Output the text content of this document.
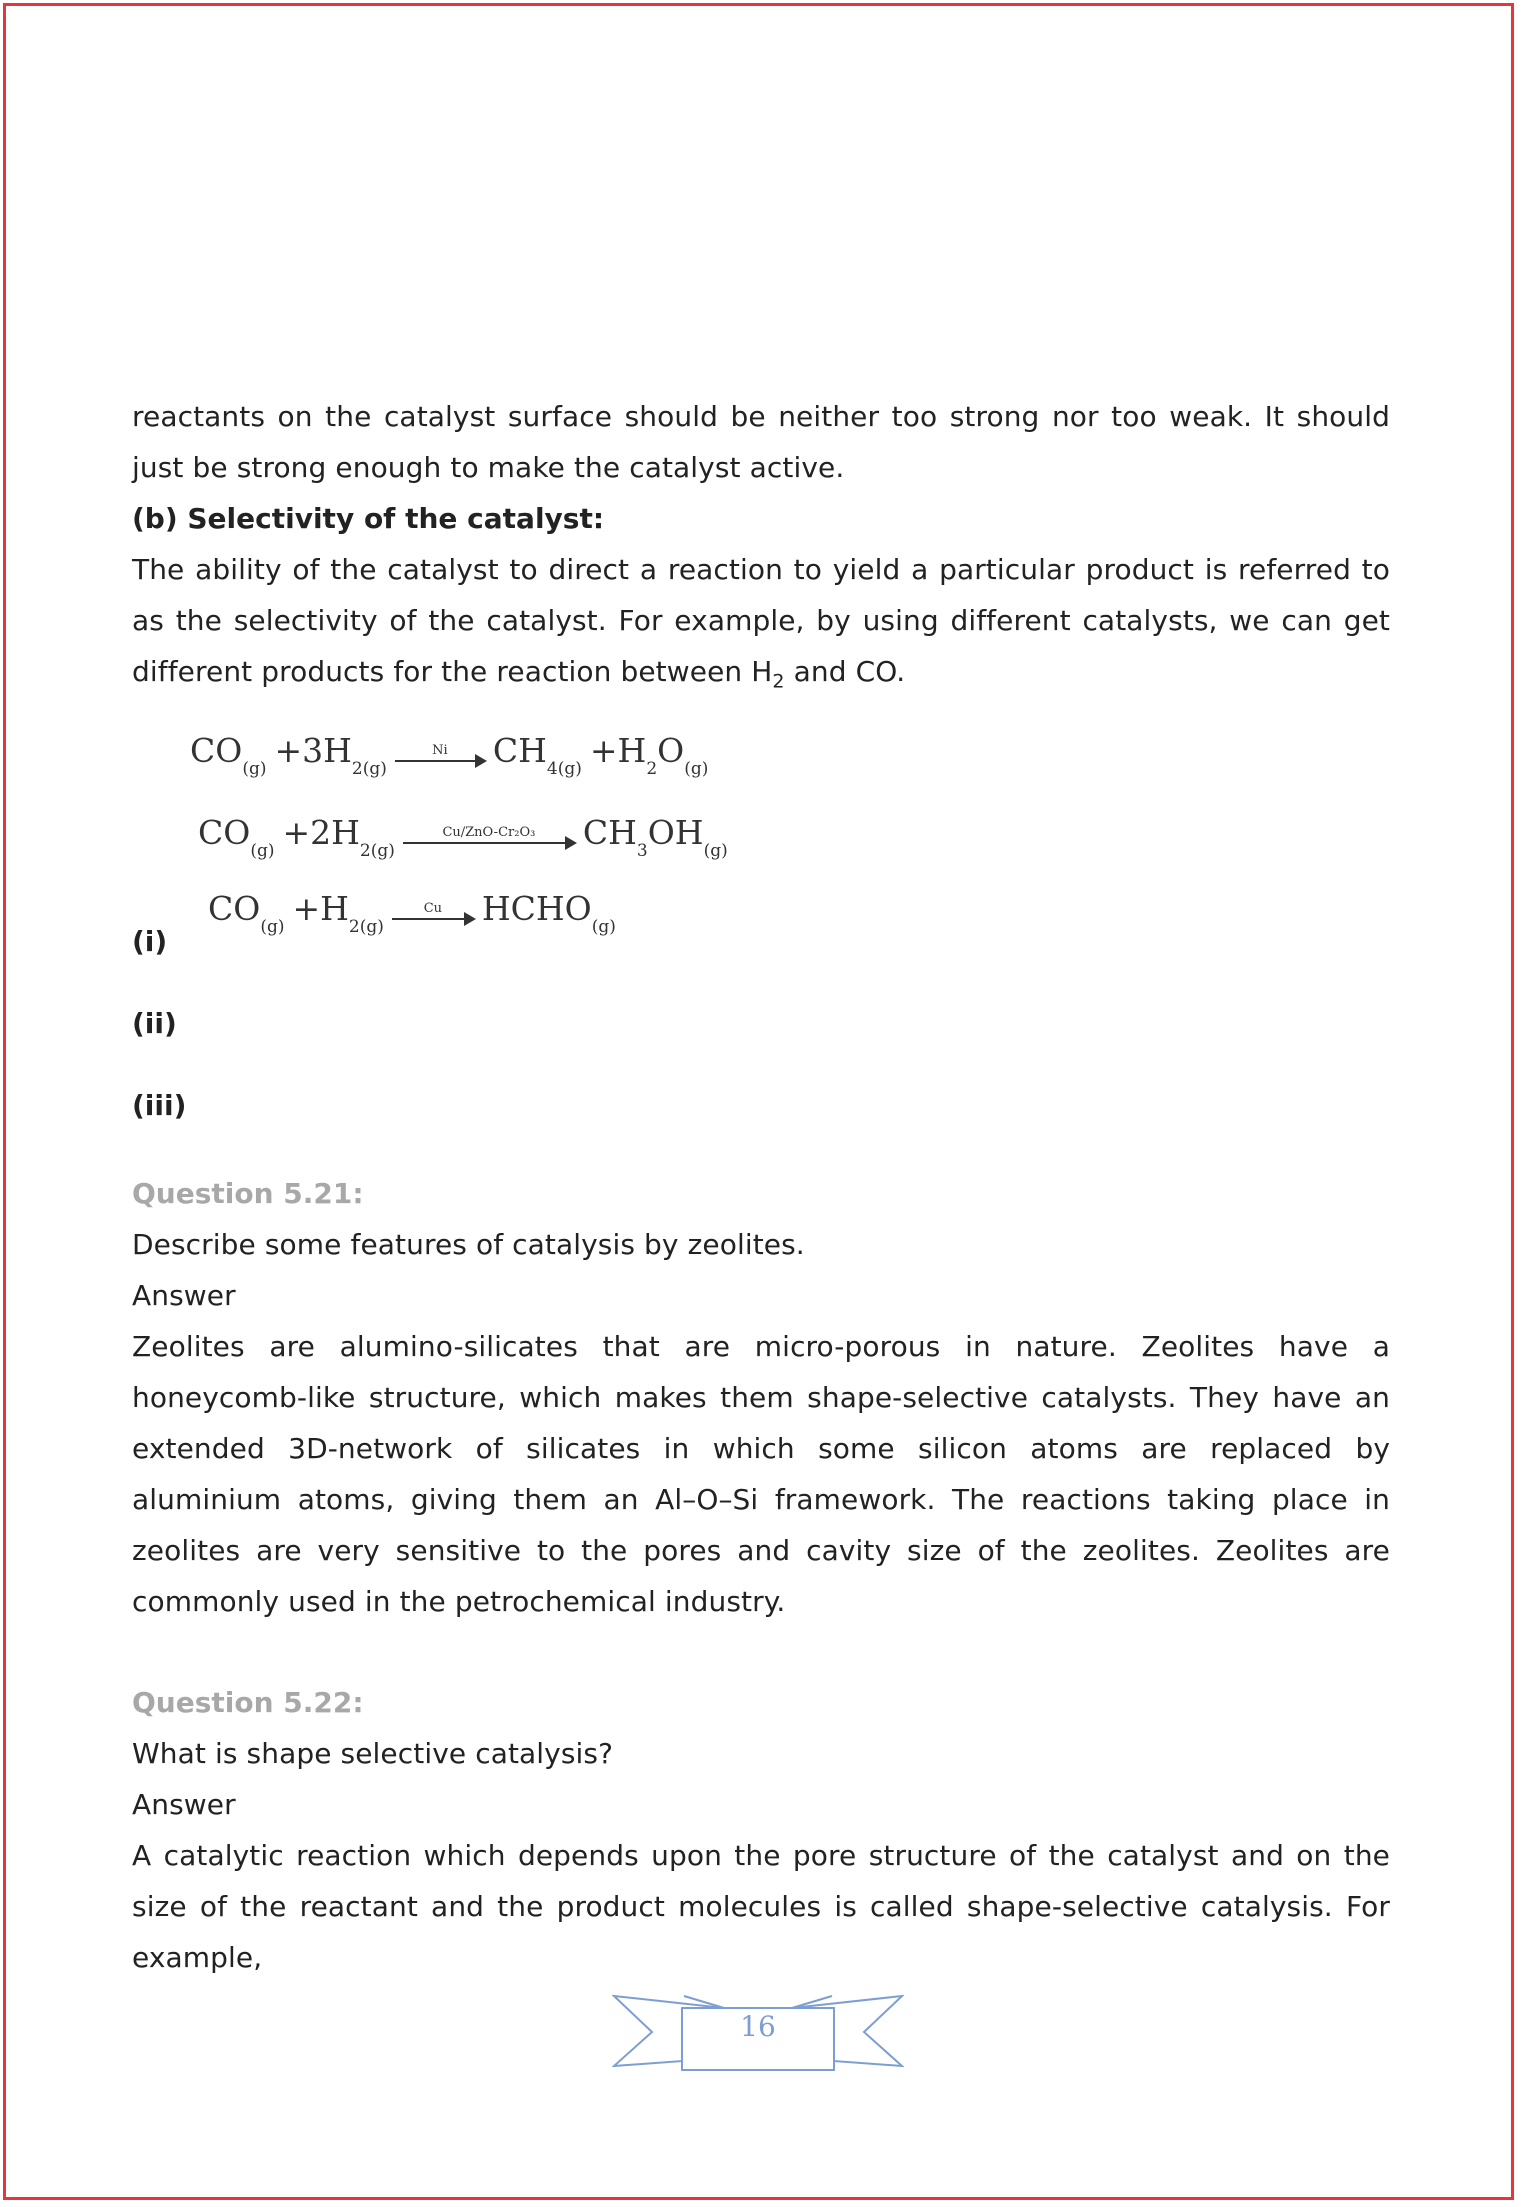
reactants on the catalyst surface should be neither too strong nor too weak. It should just be strong enough to make the catalyst active.

(b) Selectivity of the catalyst:

The ability of the catalyst to direct a reaction to yield a particular product is referred to as the selectivity of the catalyst. For example, by using different catalysts, we can get different products for the reaction between $H_2$ and CO.

CO (g) + 3H 2(g)
Ni CH 4(g) + H 2 O (g)
CO (g) + 2H 2(g)
Cu/ZnO-Cr₂O₃ CH 3 OH (g)
CO (g) + H 2(g)
Cu HCHO (g)

(i)

(ii)

(iii)

Question 5.21:

Describe some features of catalysis by zeolites.

Answer

Zeolites are alumino-silicates that are micro-porous in nature. Zeolites have a honeycomb-like structure, which makes them shape-selective catalysts. They have an extended 3D-network of silicates in which some silicon atoms are replaced by aluminium atoms, giving them an Al–O–Si framework. The reactions taking place in zeolites are very sensitive to the pores and cavity size of the zeolites. Zeolites are commonly used in the petrochemical industry.

Question 5.22:

What is shape selective catalysis?

Answer

A catalytic reaction which depends upon the pore structure of the catalyst and on the size of the reactant and the product molecules is called shape-selective catalysis. For example,

16
